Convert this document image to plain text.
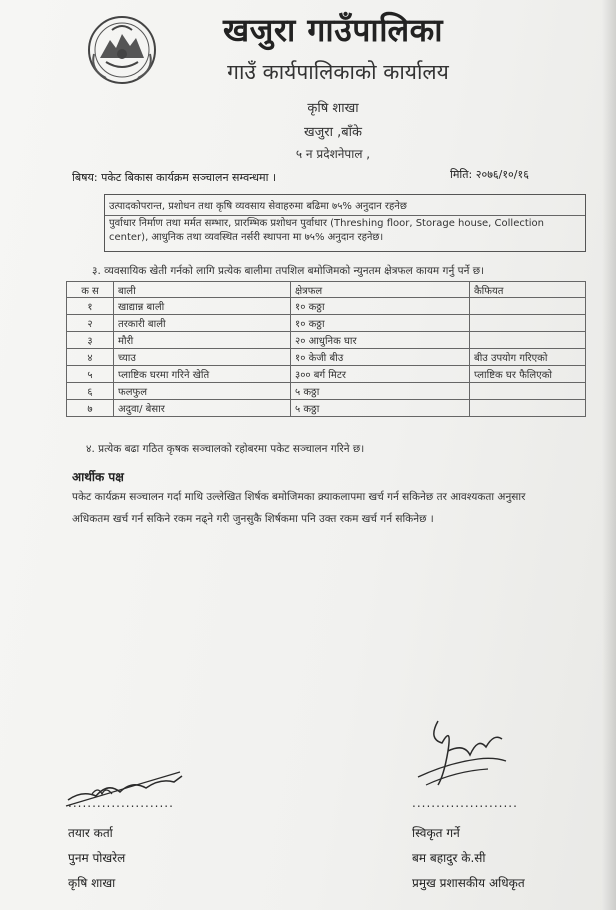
खजुरा गाउँपालिका
गाउँ कार्यपालिकाको कार्यालय
कृषि शाखा
खजुरा ,बाँके
५ न प्रदेशनेपाल ,
बिषय: पकेट बिकास कार्यक्रम सञ्चालन सम्वन्धमा ।	मिति: २०७६/१०/१६
उत्पादकोपरान्त, प्रशोधन तथा कृषि व्यवसाय सेवाहरुमा बढिमा ७५% अनुदान रहनेछ
पुर्वाधार निर्माण तथा मर्मत सम्भार, प्रारम्भिक प्रशोधन पुर्वाधार (Threshing floor, Storage house, Collection center), आधुनिक तथा व्यवस्थित नर्सरी स्थापना मा ७५% अनुदान रहनेछ।
३. व्यवसायिक खेती गर्नको लागि प्रत्येक बालीमा तपशिल बमोजिमको न्युनतम क्षेत्रफल कायम गर्नु पर्ने छ।
क स	बाली	क्षेत्रफल	कैफियत
१	खाद्यान्न बाली	१० कठ्ठा	
२	तरकारी बाली	१० कठ्ठा	
३	मौरी	२० आधुनिक घार	
४	च्याउ	१० केजी बीउ	बीउ उपयोग गरिएको
५	प्लाष्टिक घरमा गरिने खेति	३०० बर्ग मिटर	प्लाष्टिक घर फैलिएको
६	फलफुल	५ कठ्ठा	
७	अदुवा/ बेसार	५ कठ्ठा	
४. प्रत्येक बढा गठित कृषक सञ्चालको रहोबरमा पकेट सञ्चालन गरिने छ।
आर्थीक पक्ष
पकेट कार्यक्रम सञ्चालन गर्दा माथि उल्लेखित शिर्षक बमोजिमका क्र्याकलापमा खर्च गर्न सकिनेछ तर आवश्यकता अनुसार
अधिकतम खर्च गर्न सकिने रकम नढ्ने गरी जुनसुकै शिर्षकमा पनि उक्त रकम खर्च गर्न सकिनेछ ।
......................	......................
तयार कर्ता
पुनम पोखरेल
कृषि शाखा
स्विकृत गर्ने
बम बहादुर के.सी
प्रमुख प्रशासकीय अधिकृत
